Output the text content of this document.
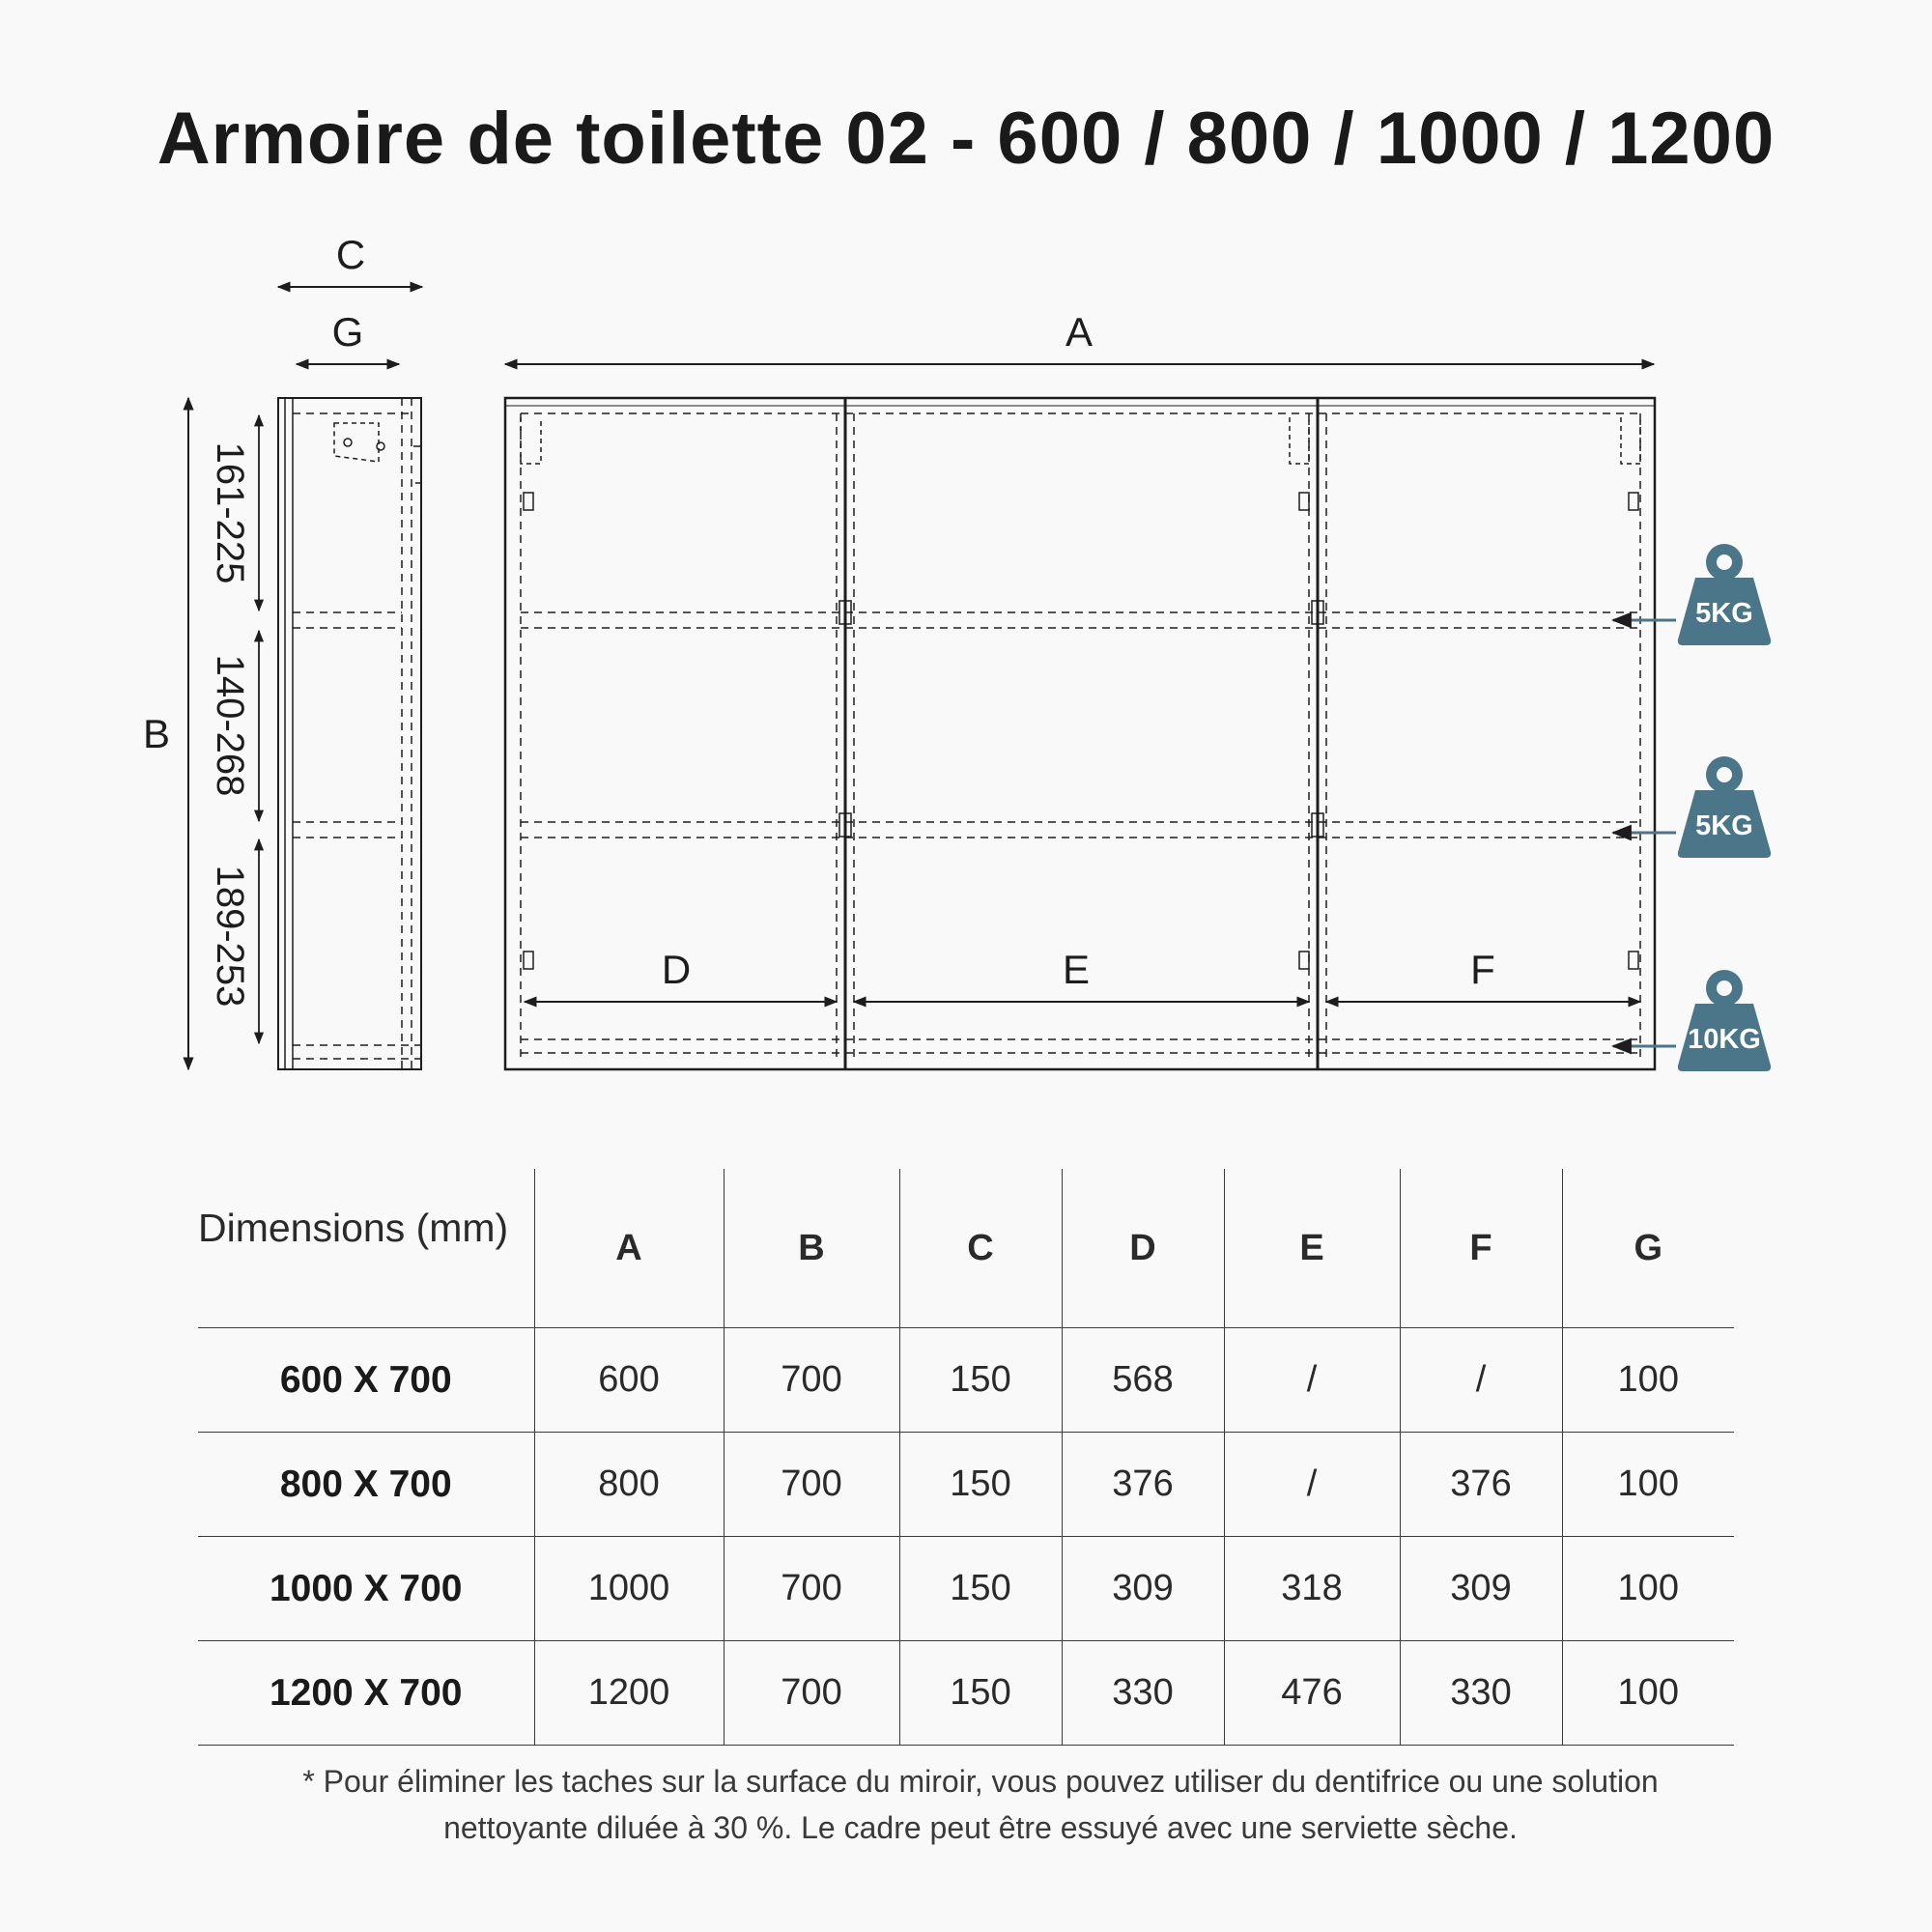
Armoire de toilette 02 - 600 / 800 / 1000 / 1200
C
G
B
161-225
140-268
189-253
A
D	E	F
5KG
5KG
10KG
Dimensions (mm)	A	B	C	D	E	F	G
600 X 700	600	700	150	568	/	/	100
800 X 700	800	700	150	376	/	376	100
1000 X 700	1000	700	150	309	318	309	100
1200 X 700	1200	700	150	330	476	330	100
* Pour éliminer les taches sur la surface du miroir, vous pouvez utiliser du dentifrice ou une solution nettoyante diluée à 30 %. Le cadre peut être essuyé avec une serviette sèche.
